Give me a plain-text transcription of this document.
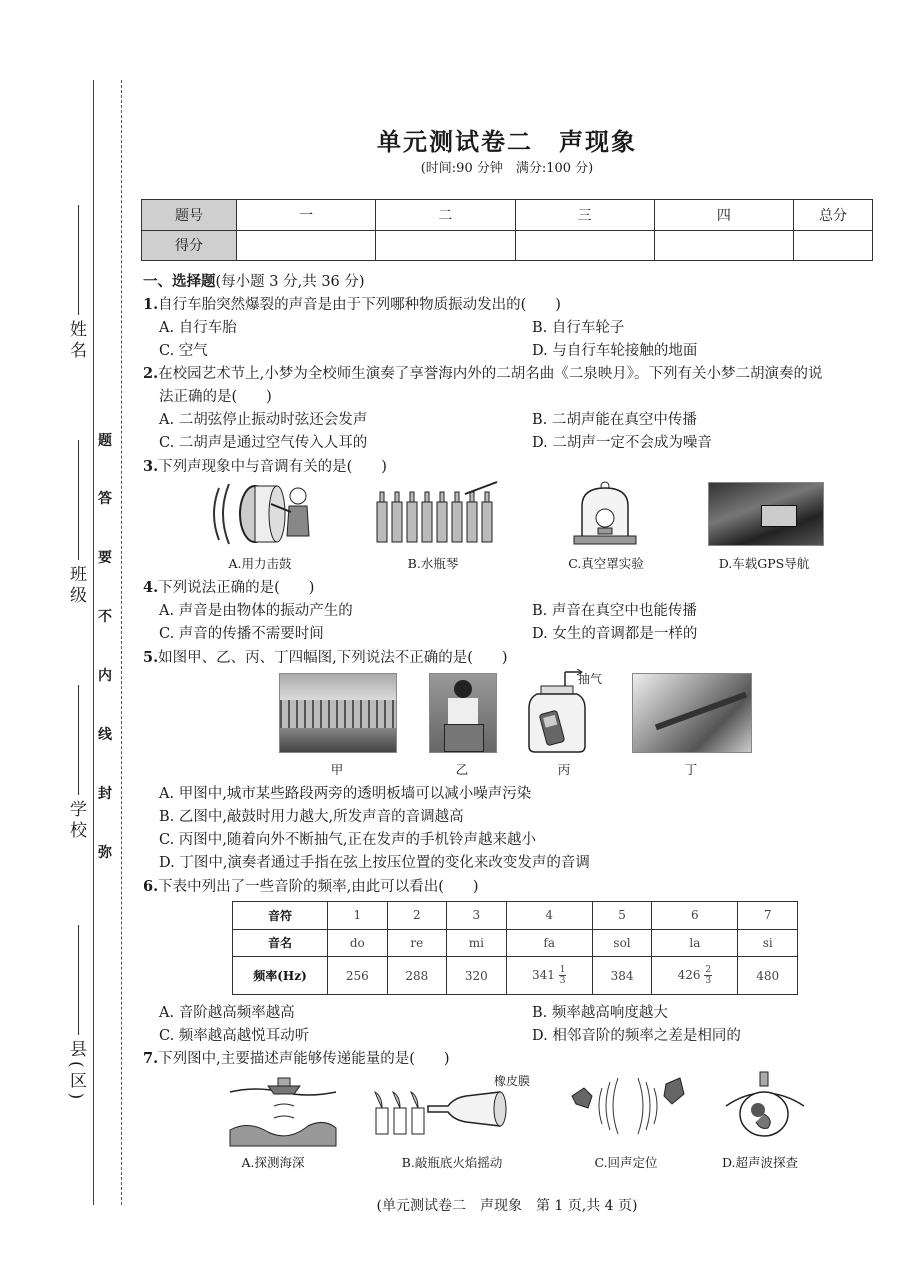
姓名
班级
学校
县(区)
题
答
要
不
内
线
封
弥
单元测试卷二　声现象
(时间:90 分钟　满分:100 分)
题号	一	二	三	四	总分
得分					
一、选择题(每小题 3 分,共 36 分)
1.自行车胎突然爆裂的声音是由于下列哪种物质振动发出的(　　)
A. 自行车胎	B. 自行车轮子
C. 空气	D. 与自行车轮接触的地面
2.在校园艺术节上,小梦为全校师生演奏了享誉海内外的二胡名曲《二泉映月》。下列有关小梦二胡演奏的说
法正确的是(　　)
A. 二胡弦停止振动时弦还会发声	B. 二胡声能在真空中传播
C. 二胡声是通过空气传入人耳的	D. 二胡声一定不会成为噪音
3.下列声现象中与音调有关的是(　　)
A.用力击鼓	B.水瓶琴	C.真空罩实验	D.车载GPS导航
4.下列说法正确的是(　　)
A. 声音是由物体的振动产生的	B. 声音在真空中也能传播
C. 声音的传播不需要时间	D. 女生的音调都是一样的
5.如图甲、乙、丙、丁四幅图,下列说法不正确的是(　　)
抽气
甲	乙	丙	丁
A. 甲图中,城市某些路段两旁的透明板墙可以减小噪声污染
B. 乙图中,敲鼓时用力越大,所发声音的音调越高
C. 丙图中,随着向外不断抽气,正在发声的手机铃声越来越小
D. 丁图中,演奏者通过手指在弦上按压位置的变化来改变发声的音调
6.下表中列出了一些音阶的频率,由此可以看出(　　)
音符	1	2	3	4	5	6	7
音名	do	re	mi	fa	sol	la	si
频率(Hz)	256	288	320	$341 \frac{1}{3}$	384	$426 \frac{2}{3}$	480
A. 音阶越高频率越高	B. 频率越高响度越大
C. 频率越高越悦耳动听	D. 相邻音阶的频率之差是相同的
7.下列图中,主要描述声能够传递能量的是(　　)
橡皮膜
A.探测海深	B.敲瓶底火焰摇动	C.回声定位	D.超声波探查
(单元测试卷二　声现象　第 1 页,共 4 页)
